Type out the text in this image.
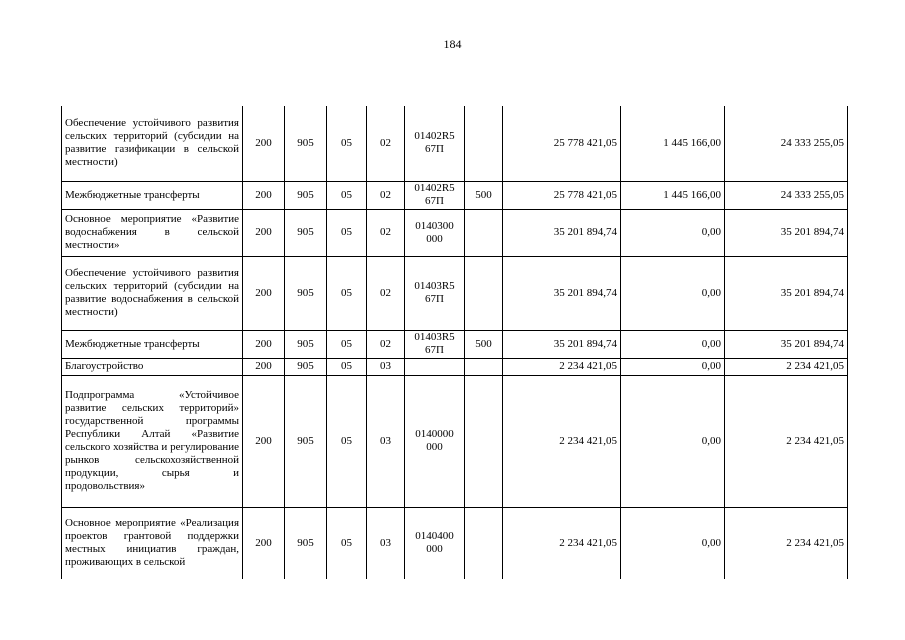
184
Обеспечение устойчивого развития сельских территорий (субсидии на развитие газификации в сельской местности)	200	905	05	02	01402R5 67П		25 778 421,05	1 445 166,00	24 333 255,05
Межбюджетные трансферты	200	905	05	02	01402R5 67П	500	25 778 421,05	1 445 166,00	24 333 255,05
Основное мероприятие «Развитие водоснабжения в сельской местности»	200	905	05	02	0140300 000		35 201 894,74	0,00	35 201 894,74
Обеспечение устойчивого развития сельских территорий (субсидии на развитие водоснабжения в сельской местности)	200	905	05	02	01403R5 67П		35 201 894,74	0,00	35 201 894,74
Межбюджетные трансферты	200	905	05	02	01403R5 67П	500	35 201 894,74	0,00	35 201 894,74
Благоустройство	200	905	05	03			2 234 421,05	0,00	2 234 421,05
Подпрограмма «Устойчивое развитие сельских территорий» государственной программы Республики Алтай «Развитие сельского хозяйства и регулирование рынков сельскохозяйственной продукции, сырья и продовольствия»	200	905	05	03	0140000 000		2 234 421,05	0,00	2 234 421,05
Основное мероприятие «Реализация проектов грантовой поддержки местных инициатив граждан, проживающих в сельской	200	905	05	03	0140400 000		2 234 421,05	0,00	2 234 421,05
